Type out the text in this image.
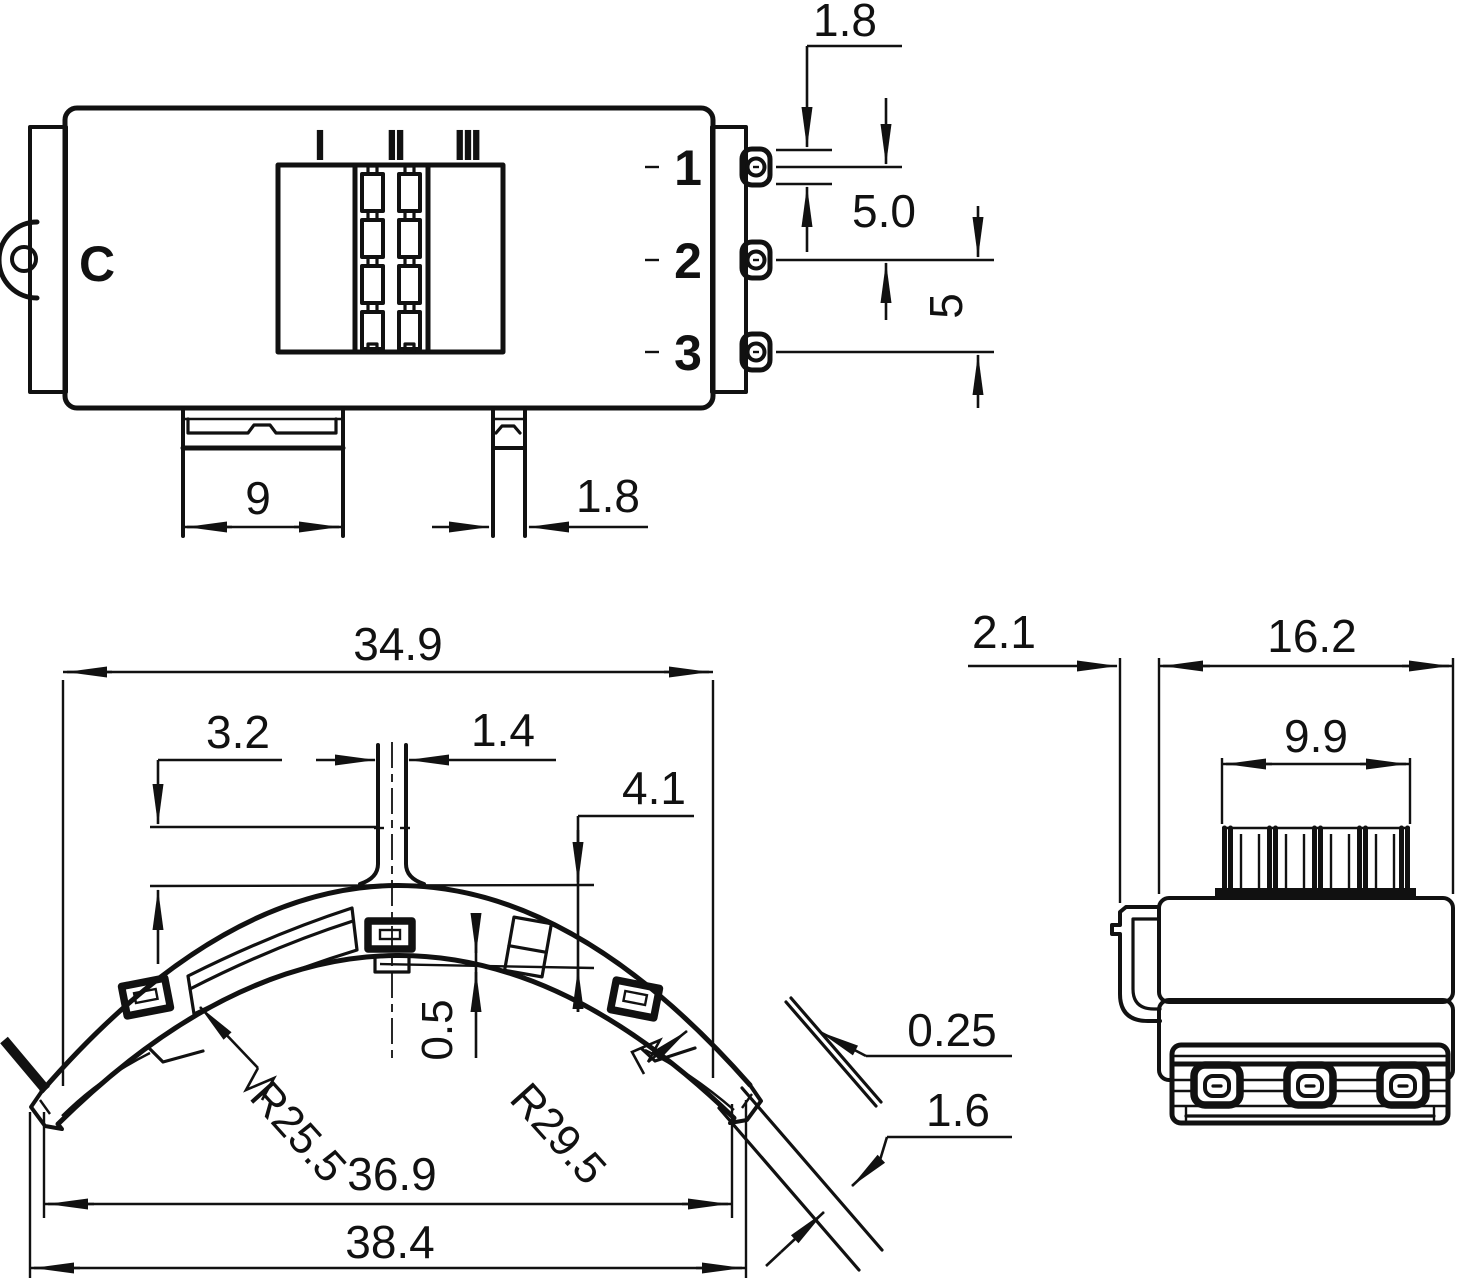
C
I II III	1
2
3
1.8
5.0
5
9	1.8
34.9
3.2	1.4
4.1
0.5
R25.5	R29.5
36.9
38.4
0.25
1.6
2.1	16.2
9.9
